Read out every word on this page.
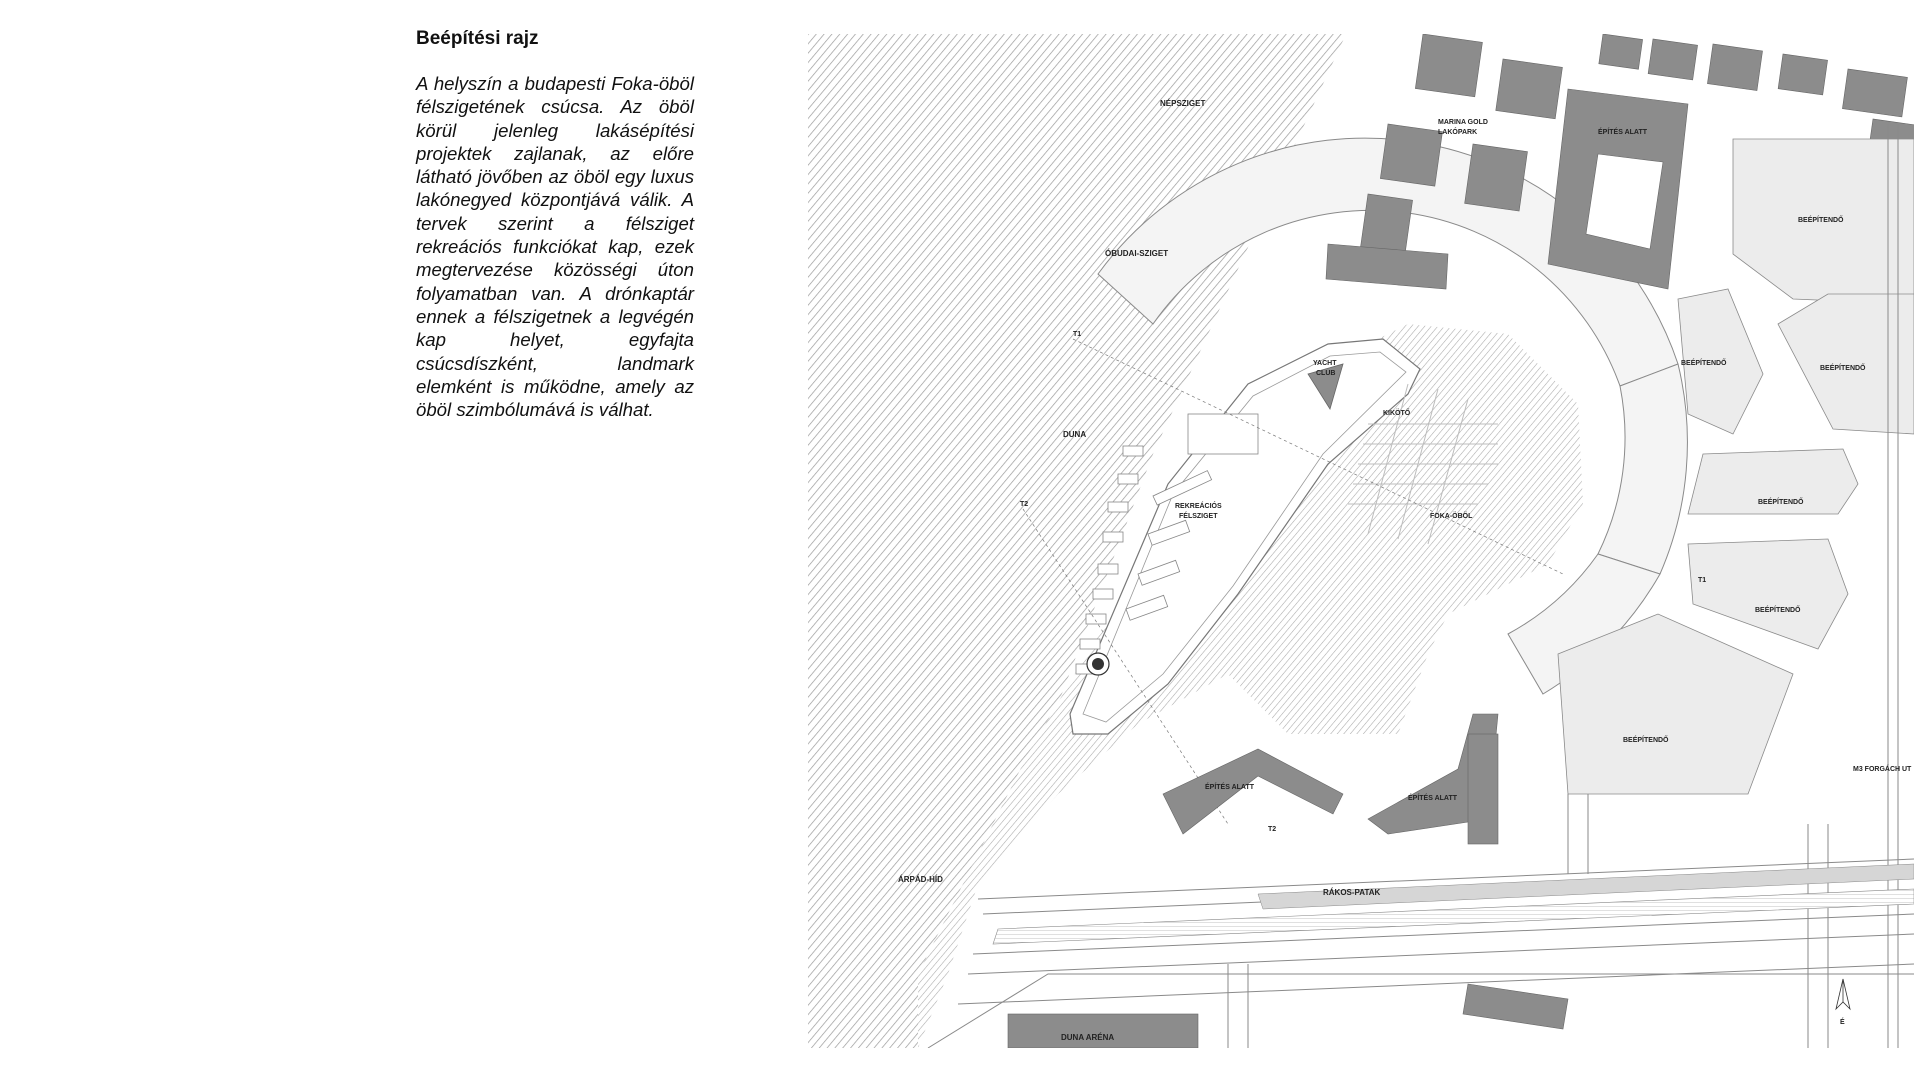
Beépítési rajz

A helyszín a budapesti Foka-öböl félszigetének csúcsa. Az öböl körül jelenleg lakásépítési projektek zajlanak, az előre látható jövőben az öböl egy luxus lakónegyed központjává válik. A tervek szerint a félsziget rekreációs funkciókat kap, ezek megtervezése közösségi úton folyamatban van. A drónkaptár ennek a félszigetnek a legvégén kap helyet, egyfajta csúcsdíszként, landmark elemként is működne, amely az öböl szimbólumává is válhat.

NÉPSZIGET
MARINA GOLD
LAKÓPARK	ÉPÍTÉS ALATT
BEÉPÍTENDŐ
ÓBUDAI-SZIGET
BEÉPÍTENDŐ
BEÉPÍTENDŐ
T1
YACHT
CLUB
KIKÖTŐ
DUNA
BEÉPÍTENDŐ
T2	REKREÁCIÓS
FÉLSZIGET	FOKA-ÖBÖL
T1
BEÉPÍTENDŐ
BEÉPÍTENDŐ
M3 FORGÁCH UT
ÉPÍTÉS ALATT
ÉPÍTÉS ALATT
T2
ÁRPÁD-HÍD
RÁKOS-PATAK
DUNA ARÉNA
É
